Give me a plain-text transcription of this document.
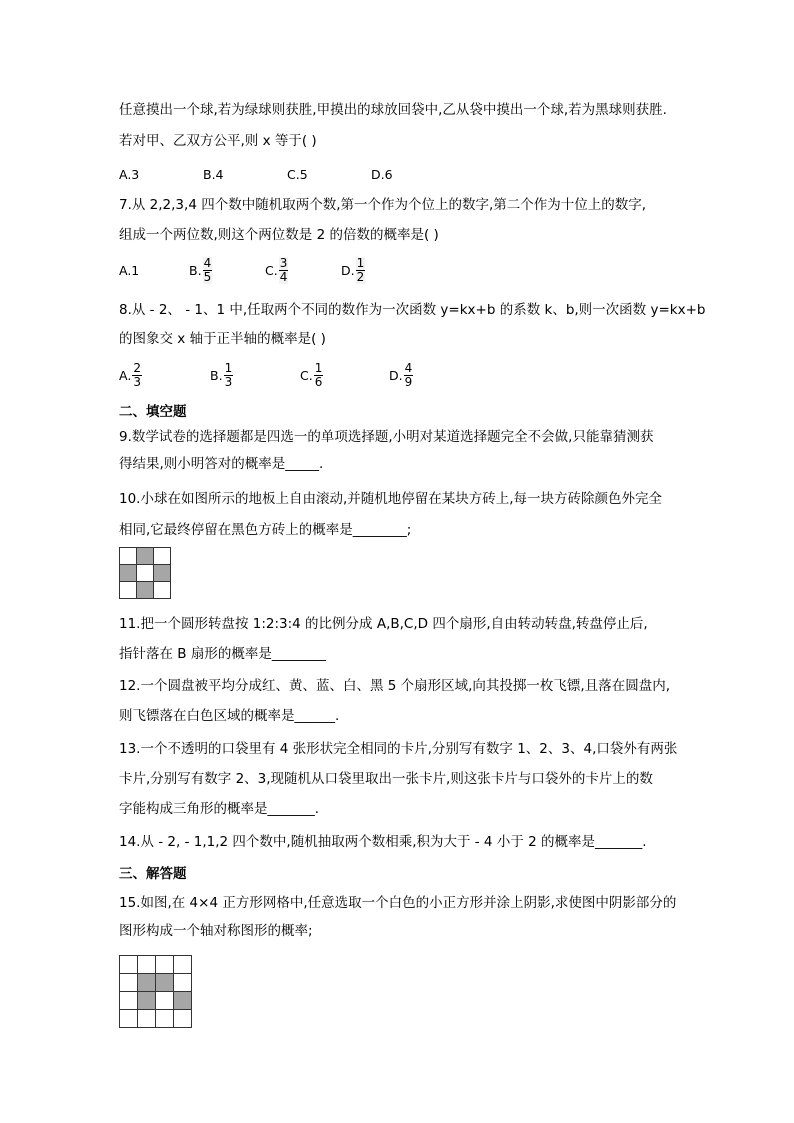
任意摸出一个球,若为绿球则获胜,甲摸出的球放回袋中,乙从袋中摸出一个球,若为黑球则获胜.
若对甲、乙双方公平,则 x 等于( )
A.3	B.4	C.5	D.6
7.从 2,2,3,4 四个数中随机取两个数,第一个作为个位上的数字,第二个作为十位上的数字,
组成一个两位数,则这个两位数是 2 的倍数的概率是( )
A.1	B. $\frac{4}{5}$	C. $\frac{3}{4}$	D. $\frac{1}{2}$
8.从 - 2、 - 1、1 中,任取两个不同的数作为一次函数 y=kx+b 的系数 k、b,则一次函数 y=kx+b
的图象交 x 轴于正半轴的概率是( )
A. $\frac{2}{3}$	B. $\frac{1}{3}$	C. $\frac{1}{6}$	D. $\frac{4}{9}$
二、填空题
9.数学试卷的选择题都是四选一的单项选择题,小明对某道选择题完全不会做,只能靠猜测获
得结果,则小明答对的概率是_____.
10.小球在如图所示的地板上自由滚动,并随机地停留在某块方砖上,每一块方砖除颜色外完全
相同,它最终停留在黑色方砖上的概率是________;

11.把一个圆形转盘按 1:2:3:4 的比例分成 A,B,C,D 四个扇形,自由转动转盘,转盘停止后,
指针落在 B 扇形的概率是________
12.一个圆盘被平均分成红、黄、蓝、白、黑 5 个扇形区域,向其投掷一枚飞镖,且落在圆盘内,
则飞镖落在白色区域的概率是______.
13.一个不透明的口袋里有 4 张形状完全相同的卡片,分别写有数字 1、2、3、4,口袋外有两张
卡片,分别写有数字 2、3,现随机从口袋里取出一张卡片,则这张卡片与口袋外的卡片上的数
字能构成三角形的概率是_______.
14.从 - 2, - 1,1,2 四个数中,随机抽取两个数相乘,积为大于 - 4 小于 2 的概率是_______.
三、解答题
15.如图,在 4×4 正方形网格中,任意选取一个白色的小正方形并涂上阴影,求使图中阴影部分的
图形构成一个轴对称图形的概率;
